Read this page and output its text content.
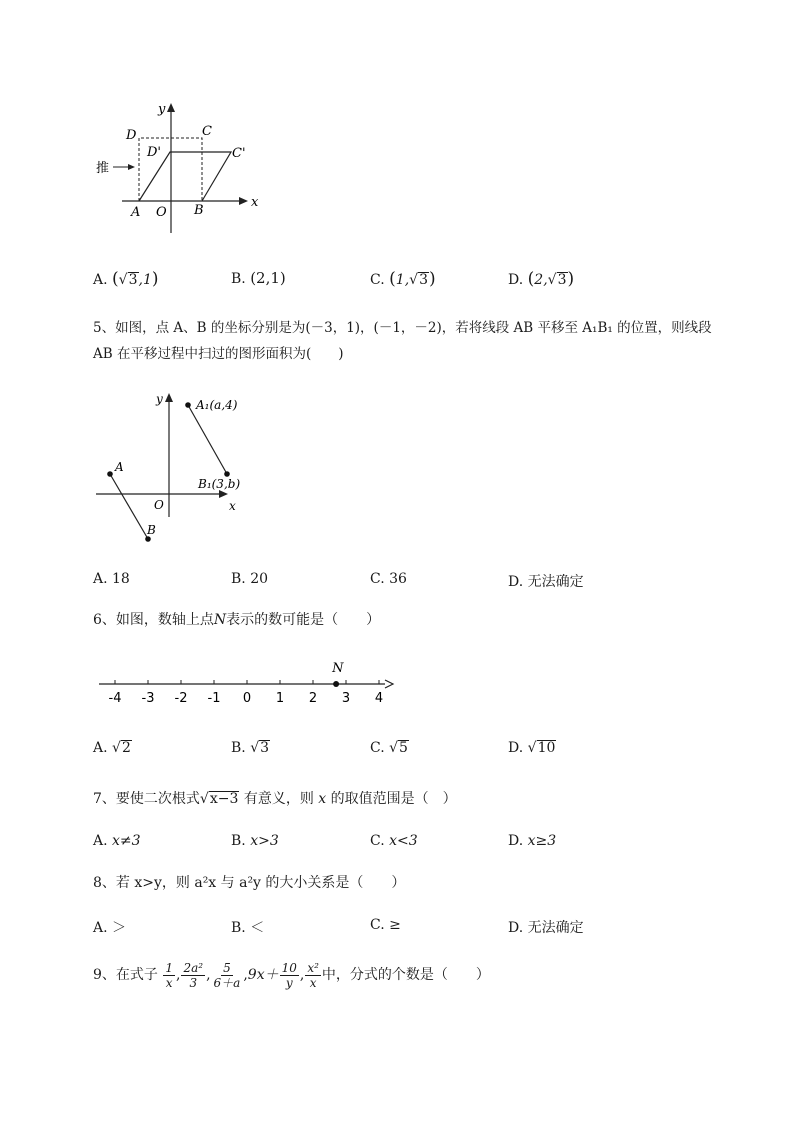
推
y
x
D	C
D'	C'
A O B
A. (√3,1)	B. (2,1)	C. (1,√3)	D. (2,√3)
5、如图，点 A、B 的坐标分别是为(－3，1)，(－1，－2)，若将线段 AB 平移至 A₁B₁ 的位置，则线段
AB 在平移过程中扫过的图形面积为(　　)
y
x
O
A
B
A₁(a,4)
B₁(3,b)
A. 18	B. 20	C. 36	D. 无法确定
6、如图，数轴上点N表示的数可能是（　　）
-4 -3 -2 -1 0 1 2 3 4
N
A. √2	B. √3	C. √5	D. √10
7、要使二次根式√x−3 有意义，则 x 的取值范围是（　）
A. x≠3	B. x>3	C. x<3	D. x≥3
8、若 x>y，则 a²x 与 a²y 的大小关系是（　　）
A. ＞	B. ＜	C. ≥	D. 无法确定
9、在式子 $\frac{1}{x}$ , $\frac{\text{2a²}}{3}$ , $\frac{5}{6+a} ,9x+ \frac{10}{y}$ , $\frac{\text{x²}}{x}$ 中，分式的个数是（　　）
